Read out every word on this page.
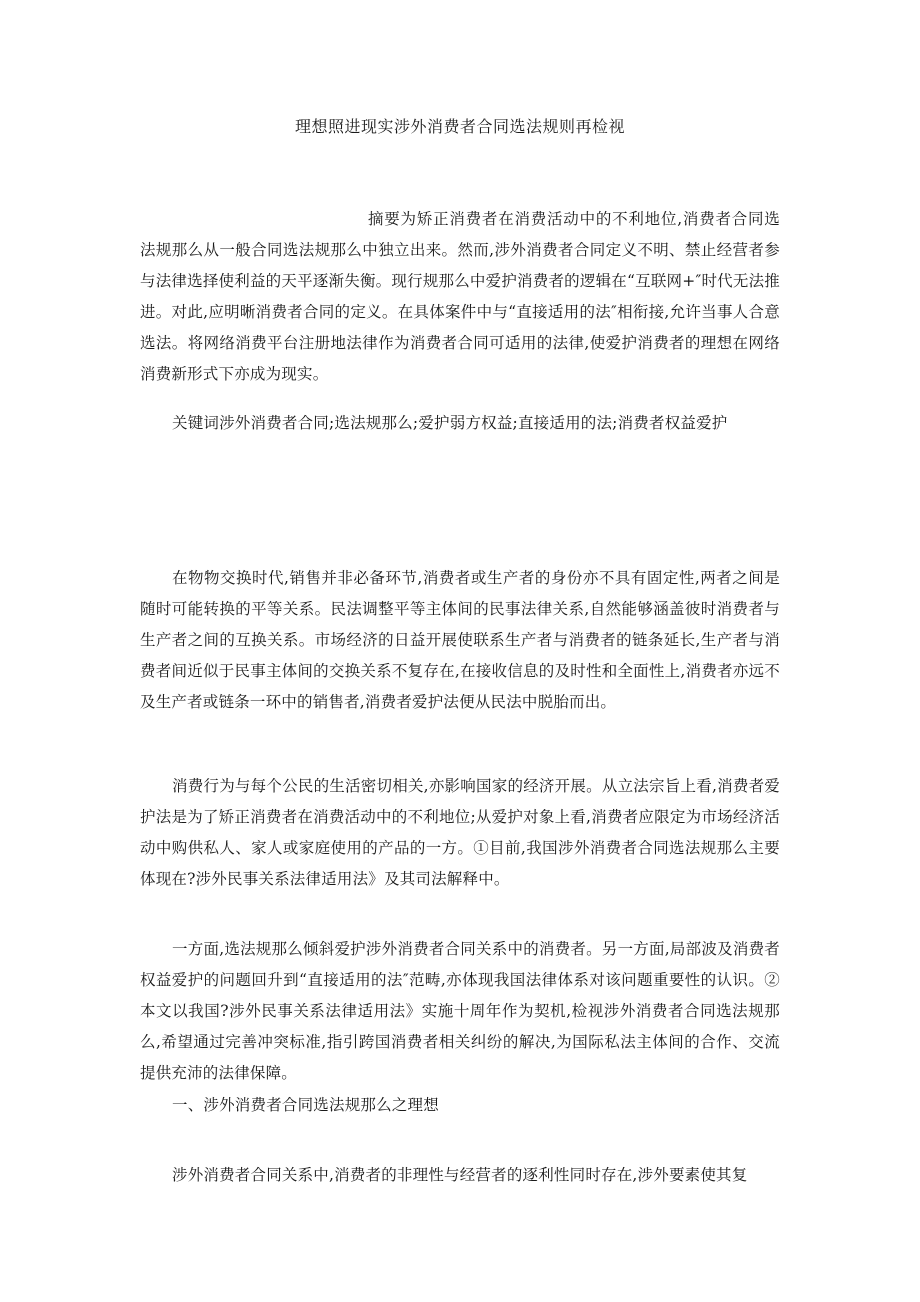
理想照进现实涉外消费者合同选法规则再检视

摘要为矫正消费者在消费活动中的不利地位,消费者合同选法规那么从一般合同选法规那么中独立出来。然而,涉外消费者合同定义不明、禁止经营者参与法律选择使利益的天平逐渐失衡。现行规那么中爱护消费者的逻辑在“互联网+″时代无法推进。对此,应明晰消费者合同的定义。在具体案件中与“直接适用的法″相衔接,允许当事人合意选法。将网络消费平台注册地法律作为消费者合同可适用的法律,使爱护消费者的理想在网络消费新形式下亦成为现实。

关键词涉外消费者合同;选法规那么;爱护弱方权益;直接适用的法;消费者权益爱护

在物物交换时代,销售并非必备环节,消费者或生产者的身份亦不具有固定性,两者之间是随时可能转换的平等关系。民法调整平等主体间的民事法律关系,自然能够涵盖彼时消费者与生产者之间的互换关系。市场经济的日益开展使联系生产者与消费者的链条延长,生产者与消费者间近似于民事主体间的交换关系不复存在,在接收信息的及时性和全面性上,消费者亦远不及生产者或链条一环中的销售者,消费者爱护法便从民法中脱胎而出。

消费行为与每个公民的生活密切相关,亦影响国家的经济开展。从立法宗旨上看,消费者爱护法是为了矫正消费者在消费活动中的不利地位;从爱护对象上看,消费者应限定为市场经济活动中购供私人、家人或家庭使用的产品的一方。①目前,我国涉外消费者合同选法规那么主要体现在?涉外民事关系法律适用法》及其司法解释中。

一方面,选法规那么倾斜爱护涉外消费者合同关系中的消费者。另一方面,局部波及消费者权益爱护的问题回升到“直接适用的法″范畴,亦体现我国法律体系对该问题重要性的认识。②本文以我国?涉外民事关系法律适用法》实施十周年作为契机,检视涉外消费者合同选法规那么,希望通过完善冲突标准,指引跨国消费者相关纠纷的解决,为国际私法主体间的合作、交流提供充沛的法律保障。

一、涉外消费者合同选法规那么之理想

涉外消费者合同关系中,消费者的非理性与经营者的逐利性同时存在,涉外要素使其复
